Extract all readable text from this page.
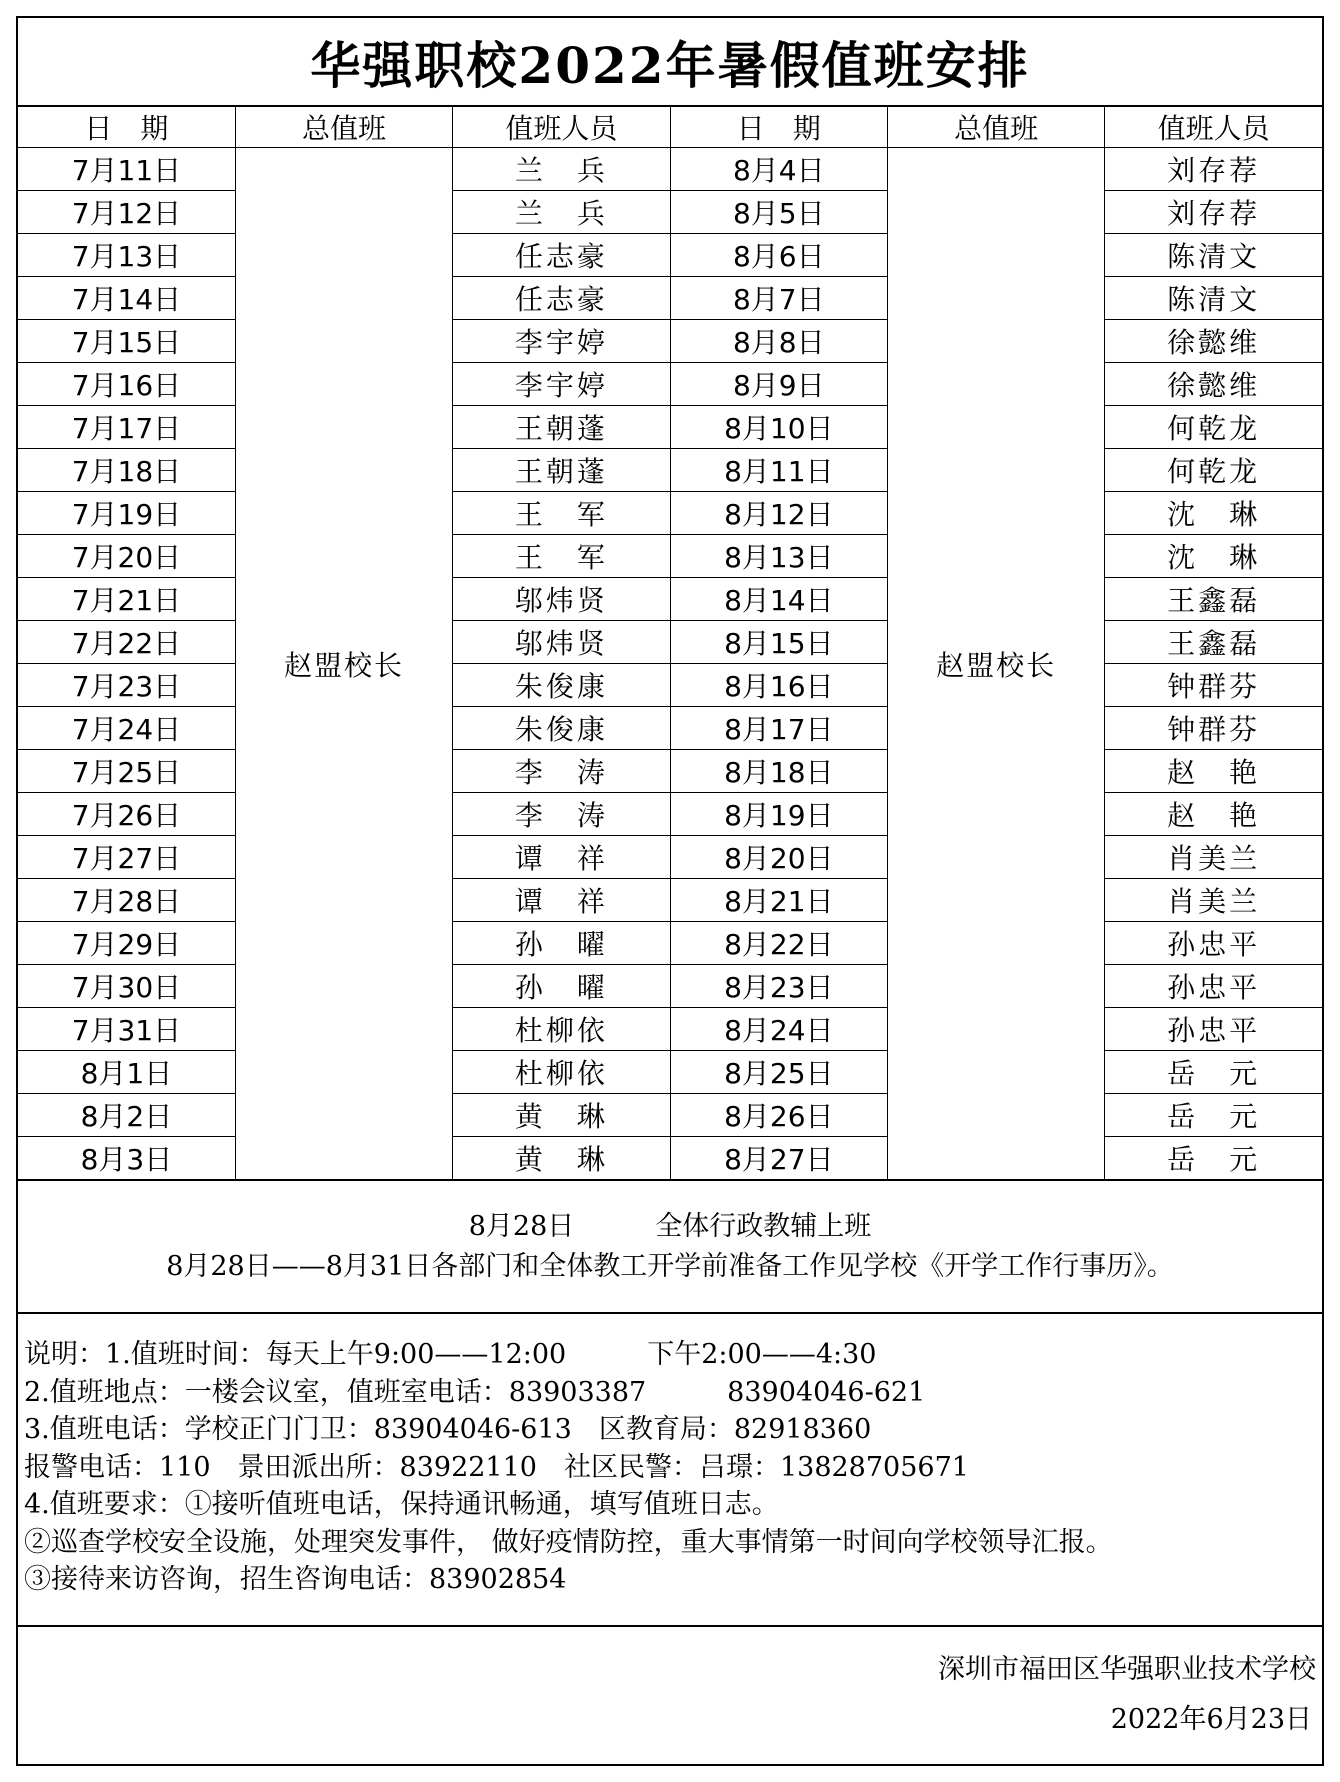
华强职校2022年暑假值班安排
日　期	总值班	值班人员	日　期	总值班	值班人员
7月11日	赵盟校长	兰　兵	8月4日	赵盟校长	刘存荐
7月12日		兰　兵	8月5日		刘存荐
7月13日		任志豪	8月6日		陈清文
7月14日		任志豪	8月7日		陈清文
7月15日		李宇婷	8月8日		徐懿维
7月16日		李宇婷	8月9日		徐懿维
7月17日		王朝蓬	8月10日		何乾龙
7月18日		王朝蓬	8月11日		何乾龙
7月19日		王　军	8月12日		沈　琳
7月20日		王　军	8月13日		沈　琳
7月21日		邬炜贤	8月14日		王鑫磊
7月22日		邬炜贤	8月15日		王鑫磊
7月23日		朱俊康	8月16日		钟群芬
7月24日		朱俊康	8月17日		钟群芬
7月25日		李　涛	8月18日		赵　艳
7月26日		李　涛	8月19日		赵　艳
7月27日		谭　祥	8月20日		肖美兰
7月28日		谭　祥	8月21日		肖美兰
7月29日		孙　曜	8月22日		孙忠平
7月30日		孙　曜	8月23日		孙忠平
7月31日		杜柳依	8月24日		孙忠平
8月1日		杜柳依	8月25日		岳　元
8月2日		黄　琳	8月26日		岳　元
8月3日		黄　琳	8月27日		岳　元
8月28日　　　全体行政教辅上班
8月28日——8月31日各部门和全体教工开学前准备工作见学校《开学工作行事历》。
说明：1.值班时间：每天上午9:00——12:00　　　下午2:00——4:30
2.值班地点：一楼会议室，值班室电话：83903387　　　83904046-621
3.值班电话：学校正门门卫：83904046-613　区教育局：82918360
报警电话：110　景田派出所：83922110　社区民警：吕璟：13828705671
4.值班要求：①接听值班电话，保持通讯畅通，填写值班日志。
②巡查学校安全设施，处理突发事件， 做好疫情防控，重大事情第一时间向学校领导汇报。
③接待来访咨询，招生咨询电话：83902854
深圳市福田区华强职业技术学校
2022年6月23日
